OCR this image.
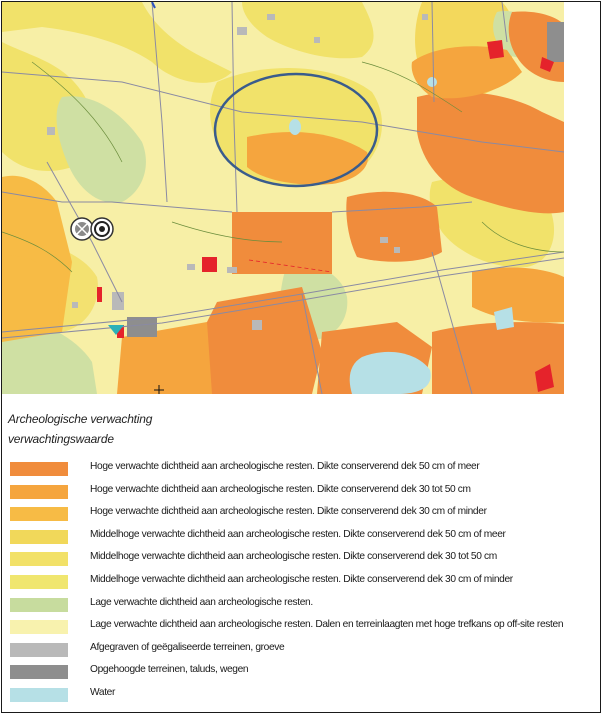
Archeologische verwachting
verwachtingswaarde
Hoge verwachte dichtheid aan archeologische resten. Dikte conserverend dek 50 cm of meer
Hoge verwachte dichtheid aan archeologische resten. Dikte conserverend dek 30 tot 50 cm
Hoge verwachte dichtheid aan archeologische resten. Dikte conserverend dek 30 cm of minder
Middelhoge verwachte dichtheid aan archeologische resten. Dikte conserverend dek 50 cm of meer
Middelhoge verwachte dichtheid aan archeologische resten. Dikte conserverend dek 30 tot 50 cm
Middelhoge verwachte dichtheid aan archeologische resten. Dikte conserverend dek 30 cm of minder
Lage verwachte dichtheid aan archeologische resten.
Lage verwachte dichtheid aan archeologische resten. Dalen en terreinlaagten met hoge trefkans op off-site resten
Afgegraven of geëgaliseerde terreinen, groeve
Opgehoogde terreinen, taluds, wegen
Water
